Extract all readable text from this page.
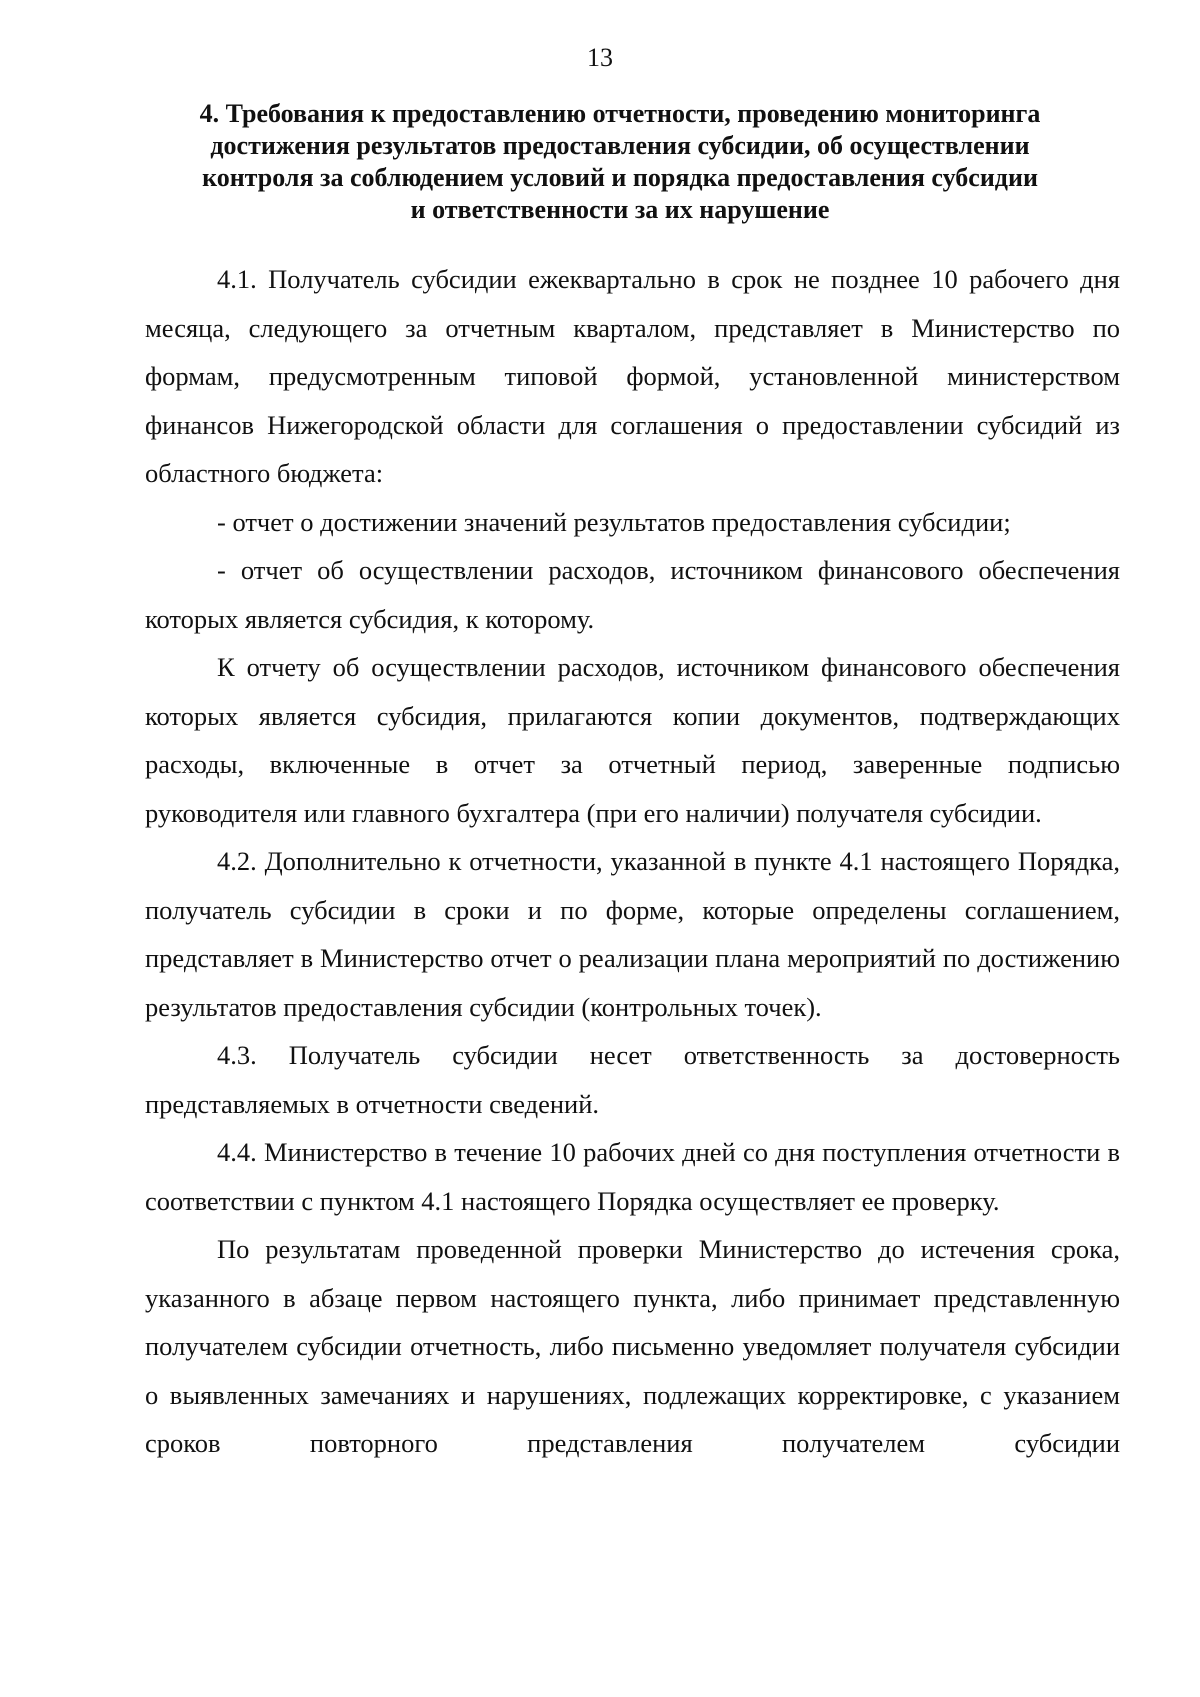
13
4. Требования к предоставлению отчетности, проведению мониторинга
достижения результатов предоставления субсидии, об осуществлении
контроля за соблюдением условий и порядка предоставления субсидии
и ответственности за их нарушение

4.1. Получатель субсидии ежеквартально в срок не позднее 10 рабочего дня месяца, следующего за отчетным кварталом, представляет в Министерство по формам, предусмотренным типовой формой, установленной министерством финансов Нижегородской области для соглашения о предоставлении субсидий из областного бюджета:

- отчет о достижении значений результатов предоставления субсидии;

- отчет об осуществлении расходов, источником финансового обеспечения которых является субсидия, к которому.

К отчету об осуществлении расходов, источником финансового обеспечения которых является субсидия, прилагаются копии документов, подтверждающих расходы, включенные в отчет за отчетный период, заверенные подписью руководителя или главного бухгалтера (при его наличии) получателя субсидии.

4.2. Дополнительно к отчетности, указанной в пункте 4.1 настоящего Порядка, получатель субсидии в сроки и по форме, которые определены соглашением, представляет в Министерство отчет о реализации плана мероприятий по достижению результатов предоставления субсидии (контрольных точек).

4.3. Получатель субсидии несет ответственность за достоверность представляемых в отчетности сведений.

4.4. Министерство в течение 10 рабочих дней со дня поступления отчетности в соответствии с пунктом 4.1 настоящего Порядка осуществляет ее проверку.

По результатам проведенной проверки Министерство до истечения срока, указанного в абзаце первом настоящего пункта, либо принимает представленную получателем субсидии отчетность, либо письменно уведомляет получателя субсидии о выявленных замечаниях и нарушениях, подлежащих корректировке, с указанием сроков повторного представления получателем субсидии
